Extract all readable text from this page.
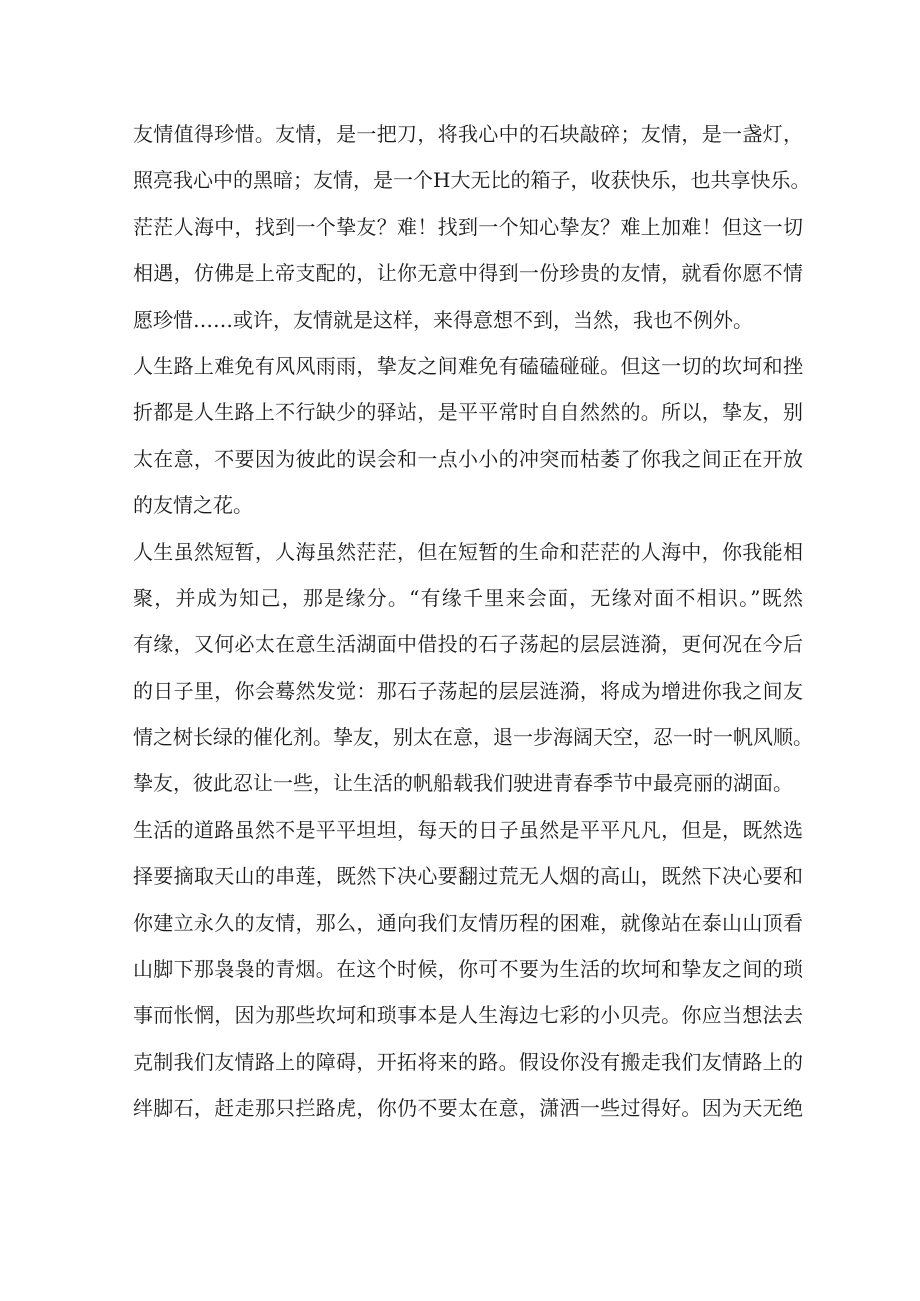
友情值得珍惜。友情，是一把刀，将我心中的石块敲碎；友情，是一盏灯，
照亮我心中的黑暗；友情，是一个H大无比的箱子，收获快乐，也共享快乐。
茫茫人海中，找到一个挚友？难！找到一个知心挚友？难上加难！但这一切
相遇，仿佛是上帝支配的，让你无意中得到一份珍贵的友情，就看你愿不情
愿珍惜……或许，友情就是这样，来得意想不到，当然，我也不例外。
人生路上难免有风风雨雨，挚友之间难免有磕磕碰碰。但这一切的坎坷和挫
折都是人生路上不行缺少的驿站，是平平常时自自然然的。所以，挚友，别
太在意，不要因为彼此的误会和一点小小的冲突而枯萎了你我之间正在开放
的友情之花。
人生虽然短暂，人海虽然茫茫，但在短暂的生命和茫茫的人海中，你我能相
聚，并成为知己，那是缘分。“有缘千里来会面，无缘对面不相识。”既然
有缘，又何必太在意生活湖面中借投的石子荡起的层层涟漪，更何况在今后
的日子里，你会蓦然发觉：那石子荡起的层层涟漪，将成为增进你我之间友
情之树长绿的催化剂。挚友，别太在意，退一步海阔天空，忍一时一帆风顺。
挚友，彼此忍让一些，让生活的帆船载我们驶进青春季节中最亮丽的湖面。
生活的道路虽然不是平平坦坦，每天的日子虽然是平平凡凡，但是，既然选
择要摘取天山的串莲，既然下决心要翻过荒无人烟的高山，既然下决心要和
你建立永久的友情，那么，通向我们友情历程的困难，就像站在泰山山顶看
山脚下那袅袅的青烟。在这个时候，你可不要为生活的坎坷和挚友之间的琐
事而怅惘，因为那些坎坷和琐事本是人生海边七彩的小贝壳。你应当想法去
克制我们友情路上的障碍，开拓将来的路。假设你没有搬走我们友情路上的
绊脚石，赶走那只拦路虎，你仍不要太在意，潇洒一些过得好。因为天无绝
